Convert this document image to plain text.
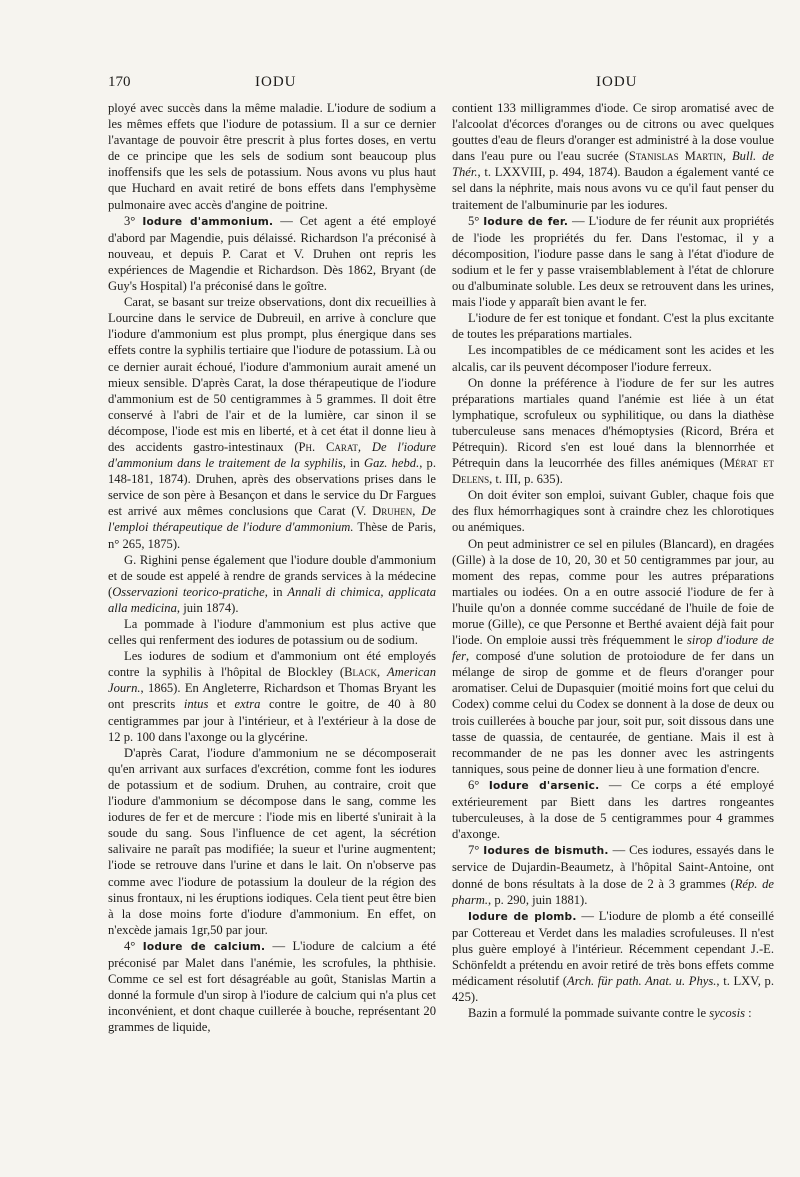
170	IODU	IODU

ployé avec succès dans la même maladie. L'iodure de sodium a les mêmes effets que l'iodure de potassium. Il a sur ce dernier l'avantage de pouvoir être prescrit à plus fortes doses, en vertu de ce principe que les sels de sodium sont beaucoup plus inoffensifs que les sels de potassium. Nous avons vu plus haut que Huchard en avait retiré de bons effets dans l'emphysème pulmonaire avec accès d'angine de poitrine.

3° Iodure d'ammonium. — Cet agent a été employé d'abord par Magendie, puis délaissé. Richardson l'a préconisé à nouveau, et depuis P. Carat et V. Druhen ont repris les expériences de Magendie et Richardson. Dès 1862, Bryant (de Guy's Hospital) l'a préconisé dans le goître.

Carat, se basant sur treize observations, dont dix recueillies à Lourcine dans le service de Dubreuil, en arrive à conclure que l'iodure d'ammonium est plus prompt, plus énergique dans ses effets contre la syphilis tertiaire que l'iodure de potassium. Là ou ce dernier aurait échoué, l'iodure d'ammonium aurait amené un mieux sensible. D'après Carat, la dose thérapeutique de l'iodure d'ammonium est de 50 centigrammes à 5 grammes. Il doit être conservé à l'abri de l'air et de la lumière, car sinon il se décompose, l'iode est mis en liberté, et à cet état il donne lieu à des accidents gastro-intestinaux (Ph. Carat, De l'iodure d'ammonium dans le traitement de la syphilis, in Gaz. hebd., p. 148-181, 1874). Druhen, après des observations prises dans le service de son père à Besançon et dans le service du Dr Fargues est arrivé aux mêmes conclusions que Carat (V. Druhen, De l'emploi thérapeutique de l'iodure d'ammonium. Thèse de Paris, n° 265, 1875).

G. Righini pense également que l'iodure double d'ammonium et de soude est appelé à rendre de grands services à la médecine (Osservazioni teorico-pratiche, in Annali di chimica, applicata alla medicina, juin 1874).

La pommade à l'iodure d'ammonium est plus active que celles qui renferment des iodures de potassium ou de sodium.

Les iodures de sodium et d'ammonium ont été employés contre la syphilis à l'hôpital de Blockley (Black, American Journ., 1865). En Angleterre, Richardson et Thomas Bryant les ont prescrits intus et extra contre le goitre, de 40 à 80 centigrammes par jour à l'intérieur, et à l'extérieur à la dose de 12 p. 100 dans l'axonge ou la glycérine.

D'après Carat, l'iodure d'ammonium ne se décomposerait qu'en arrivant aux surfaces d'excrétion, comme font les iodures de potassium et de sodium. Druhen, au contraire, croit que l'iodure d'ammonium se décompose dans le sang, comme les iodures de fer et de mercure : l'iode mis en liberté s'unirait à la soude du sang. Sous l'influence de cet agent, la sécrétion salivaire ne paraît pas modifiée; la sueur et l'urine augmentent; l'iode se retrouve dans l'urine et dans le lait. On n'observe pas comme avec l'iodure de potassium la douleur de la région des sinus frontaux, ni les éruptions iodiques. Cela tient peut être bien à la dose moins forte d'iodure d'ammonium. En effet, on n'excède jamais 1gr,50 par jour.

4° Iodure de calcium. — L'iodure de calcium a été préconisé par Malet dans l'anémie, les scrofules, la phthisie. Comme ce sel est fort désagréable au goût, Stanislas Martin a donné la formule d'un sirop à l'iodure de calcium qui n'a plus cet inconvénient, et dont chaque cuillerée à bouche, représentant 20 grammes de liquide,

contient 133 milligrammes d'iode. Ce sirop aromatisé avec de l'alcoolat d'écorces d'oranges ou de citrons ou avec quelques gouttes d'eau de fleurs d'oranger est administré à la dose voulue dans l'eau pure ou l'eau sucrée (Stanislas Martin, Bull. de Thér., t. LXXVIII, p. 494, 1874). Baudon a également vanté ce sel dans la néphrite, mais nous avons vu ce qu'il faut penser du traitement de l'albuminurie par les iodures.

5° Iodure de fer. — L'iodure de fer réunit aux propriétés de l'iode les propriétés du fer. Dans l'estomac, il y a décomposition, l'iodure passe dans le sang à l'état d'iodure de sodium et le fer y passe vraisemblablement à l'état de chlorure ou d'albuminate soluble. Les deux se retrouvent dans les urines, mais l'iode y apparaît bien avant le fer.

L'iodure de fer est tonique et fondant. C'est la plus excitante de toutes les préparations martiales.

Les incompatibles de ce médicament sont les acides et les alcalis, car ils peuvent décomposer l'iodure ferreux.

On donne la préférence à l'iodure de fer sur les autres préparations martiales quand l'anémie est liée à un état lymphatique, scrofuleux ou syphilitique, ou dans la diathèse tuberculeuse sans menaces d'hémoptysies (Ricord, Bréra et Pétrequin). Ricord s'en est loué dans la blennorrhée et Pétrequin dans la leucorrhée des filles anémiques (Mérat et Delens, t. III, p. 635).

On doit éviter son emploi, suivant Gubler, chaque fois que des flux hémorrhagiques sont à craindre chez les chlorotiques ou anémiques.

On peut administrer ce sel en pilules (Blancard), en dragées (Gille) à la dose de 10, 20, 30 et 50 centigrammes par jour, au moment des repas, comme pour les autres préparations martiales ou iodées. On a en outre associé l'iodure de fer à l'huile qu'on a donnée comme succédané de l'huile de foie de morue (Gille), ce que Personne et Berthé avaient déjà fait pour l'iode. On emploie aussi très fréquemment le sirop d'iodure de fer, composé d'une solution de protoiodure de fer dans un mélange de sirop de gomme et de fleurs d'oranger pour aromatiser. Celui de Dupasquier (moitié moins fort que celui du Codex) comme celui du Codex se donnent à la dose de deux ou trois cuillerées à bouche par jour, soit pur, soit dissous dans une tasse de quassia, de centaurée, de gentiane. Mais il est à recommander de ne pas les donner avec les astringents tanniques, sous peine de donner lieu à une formation d'encre.

6° Iodure d'arsenic. — Ce corps a été employé extérieurement par Biett dans les dartres rongeantes tuberculeuses, à la dose de 5 centigrammes pour 4 grammes d'axonge.

7° Iodures de bismuth. — Ces iodures, essayés dans le service de Dujardin-Beaumetz, à l'hôpital Saint-Antoine, ont donné de bons résultats à la dose de 2 à 3 grammes (Rép. de pharm., p. 290, juin 1881).

Iodure de plomb. — L'iodure de plomb a été conseillé par Cottereau et Verdet dans les maladies scrofuleuses. Il n'est plus guère employé à l'intérieur. Récemment cependant J.-E. Schönfeldt a prétendu en avoir retiré de très bons effets comme médicament résolutif (Arch. für path. Anat. u. Phys., t. LXV, p. 425).

Bazin a formulé la pommade suivante contre le sycosis :
